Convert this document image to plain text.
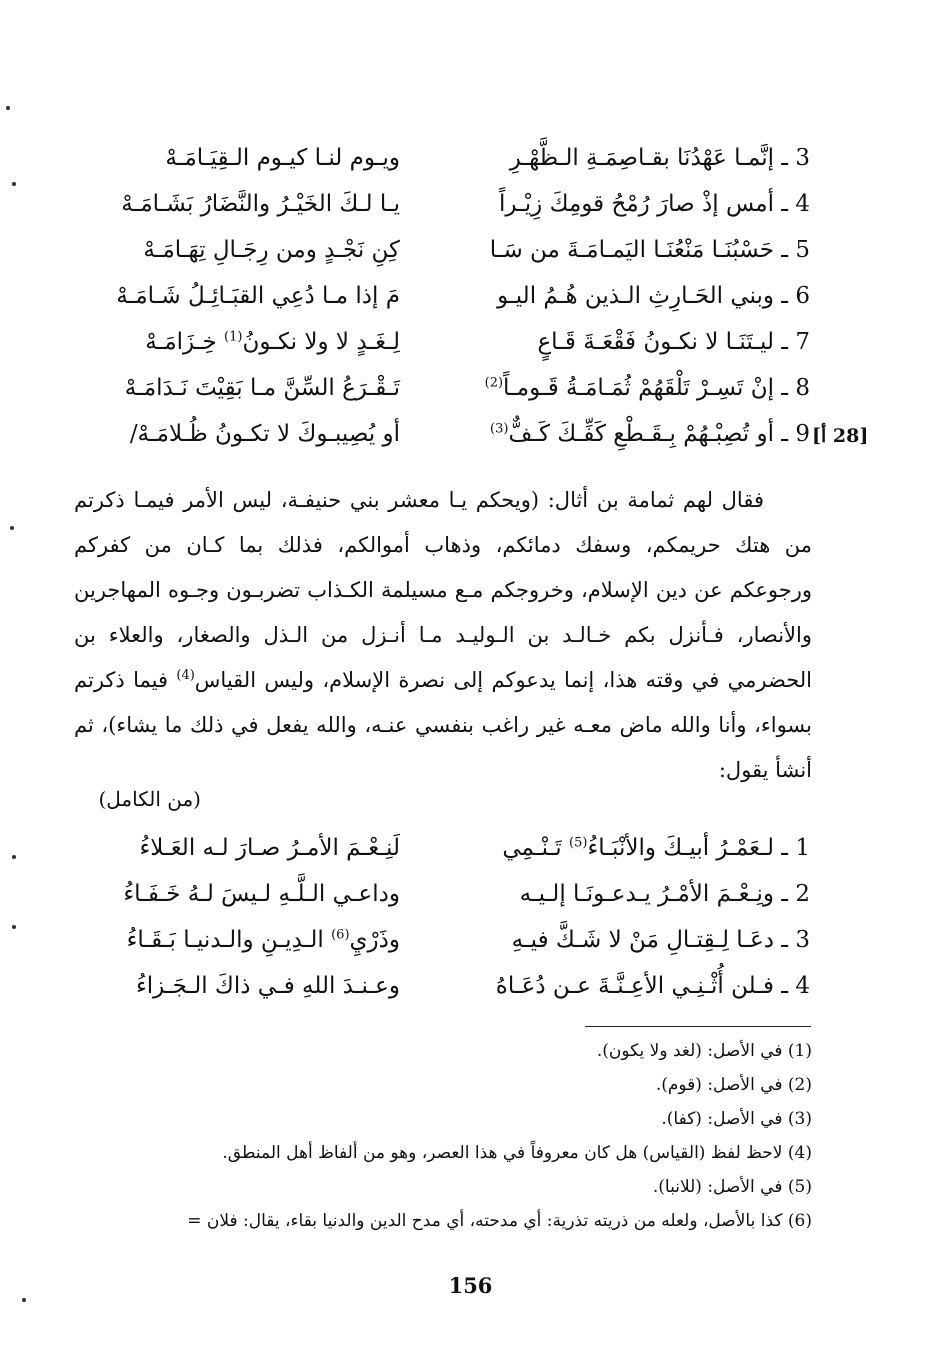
3 ـ إنَّمـا عَهْدُنَا بقـاصِمَـةِ الـظَّهْـرِ
ويـوم لنـا كيـوم الـقِيَـامَـهْ
4 ـ أمس إذْ صارَ رُمْحُ قومِكَ زِيْـراً
يـا لـكَ الخَيْـرُ والنَّضَارُ بَشَـامَـهْ
5 ـ حَسْبُنَـا مَنْعُنَـا اليَمـامَـةَ من سَـا
كِنِ نَجْـدٍ ومن رِجَـالِ تِهَـامَـهْ
6 ـ وبني الحَـارِثِ الـذين هُـمُ اليـو
مَ إذا مـا دُعِي القبَـائِـلُ شَـامَـهْ
7 ـ ليـتَنَـا لا نكـونُ فَقْعَـةَ قَـاعٍ
لِـغَـدٍ لا ولا نكـونُ$^{(1)}$ خِـزَامَـهْ
8 ـ إنْ تَسِـرْ تَلْقَهُمْ ثُمَـامَـةُ قَـومـاً$^{(2)}$
تَـقْـرَعُ السِّنَّ مـا بَقِيْتَ نَـدَامَـهْ
9 ـ أو تُصِبْـهُمْ بِـقَـطْعِ كَفِّـكَ كَـفٌّ$^{(3)}$
أو يُصِيبـوكَ لا تكـونُ ظُـلامَـهْ/	[28 أ]

فقال لهم ثمامة بن أثال: (ويحكم يـا معشر بني حنيفـة، ليس الأمر فيمـا ذكرتم من هتك حريمكم، وسفك دمائكم، وذهاب أموالكم، فذلك بما كـان من كفركم ورجوعكم عن دين الإسلام، وخروجكم مـع مسيلمة الكـذاب تضربـون وجـوه المهاجرين والأنصار، فـأنزل بكم خـالـد بن الـوليـد مـا أنـزل من الـذل والصغار، والعلاء بن الحضرمي في وقته هذا، إنما يدعوكم إلى نصرة الإسلام، وليس القياس$^{(4)}$ فيما ذكرتم بسواء، وأنا والله ماض معـه غير راغب بنفسي عنـه، والله يفعل في ذلك ما يشاء)، ثم أنشأ يقول:

(من الكامل)
1 ـ لـعَمْـرُ أبيـكَ والأنْبَـاءُ$^{(5)}$ تَـنْـمِي
لَنِـعْـمَ الأمـرُ صـارَ لـه العَـلاءُ
2 ـ ونِـعْـمَ الأمْـرُ يـدعـونَـا إلـيـه
وداعـي الـلَّـهِ لـيسَ لـهُ خَـفَـاءُ
3 ـ دعَـا لِـقِتـالِ مَنْ لا شَـكَّ فيـهِ
وذَرْيِ$^{(6)}$ الـدِيـنِ والـدنيـا بَـقَـاءُ
4 ـ فـلن أُثْـنِـي الأعِـنَّـةَ عـن دُعَـاهُ
وعـنـدَ اللهِ فـي ذاكَ الـجَـزاءُ
(1) في الأصل: (لغد ولا يكون).
(2) في الأصل: (قوم).
(3) في الأصل: (كفا).
(4) لاحظ لفظ (القياس) هل كان معروفاً في هذا العصر، وهو من ألفاظ أهل المنطق.
(5) في الأصل: (للانبا).
(6) كذا بالأصل، ولعله من ذريته تذرية: أي مدحته، أي مدح الدين والدنيا بقاء، يقال: فلان =
156
